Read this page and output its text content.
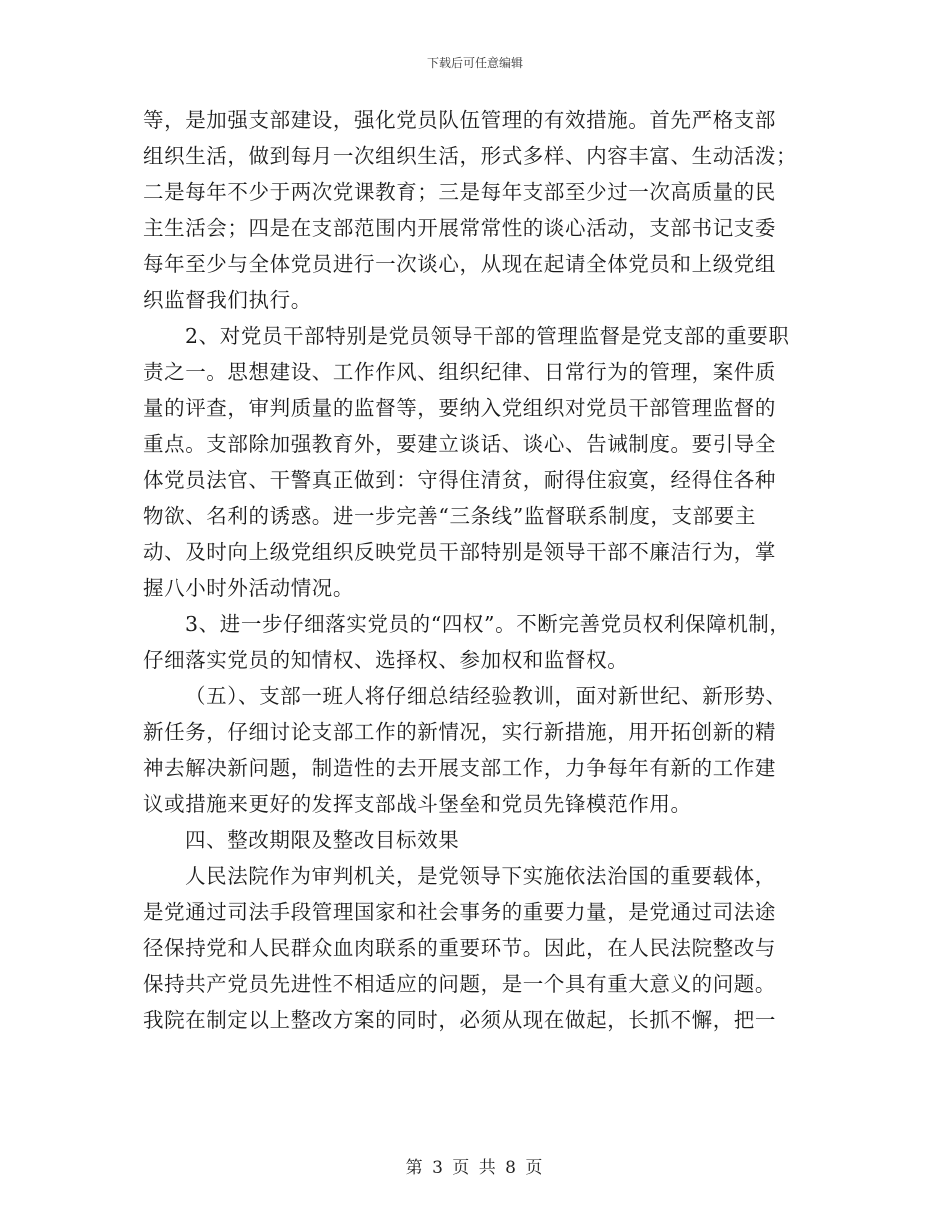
下载后可任意编辑
等，是加强支部建设，强化党员队伍管理的有效措施。首先严格支部
组织生活，做到每月一次组织生活，形式多样、内容丰富、生动活泼；
二是每年不少于两次党课教育；三是每年支部至少过一次高质量的民
主生活会；四是在支部范围内开展常常性的谈心活动，支部书记支委
每年至少与全体党员进行一次谈心，从现在起请全体党员和上级党组
织监督我们执行。
2、对党员干部特别是党员领导干部的管理监督是党支部的重要职
责之一。思想建设、工作作风、组织纪律、日常行为的管理，案件质
量的评查，审判质量的监督等，要纳入党组织对党员干部管理监督的
重点。支部除加强教育外，要建立谈话、谈心、告诫制度。要引导全
体党员法官、干警真正做到：守得住清贫，耐得住寂寞，经得住各种
物欲、名利的诱惑。进一步完善“三条线”监督联系制度，支部要主
动、及时向上级党组织反映党员干部特别是领导干部不廉洁行为，掌
握八小时外活动情况。
3、进一步仔细落实党员的“四权”。不断完善党员权利保障机制，
仔细落实党员的知情权、选择权、参加权和监督权。
（五）、支部一班人将仔细总结经验教训，面对新世纪、新形势、
新任务，仔细讨论支部工作的新情况，实行新措施，用开拓创新的精
神去解决新问题，制造性的去开展支部工作，力争每年有新的工作建
议或措施来更好的发挥支部战斗堡垒和党员先锋模范作用。
四、整改期限及整改目标效果
人民法院作为审判机关，是党领导下实施依法治国的重要载体，
是党通过司法手段管理国家和社会事务的重要力量，是党通过司法途
径保持党和人民群众血肉联系的重要环节。因此，在人民法院整改与
保持共产党员先进性不相适应的问题，是一个具有重大意义的问题。
我院在制定以上整改方案的同时，必须从现在做起，长抓不懈，把一
第 3 页 共 8 页
